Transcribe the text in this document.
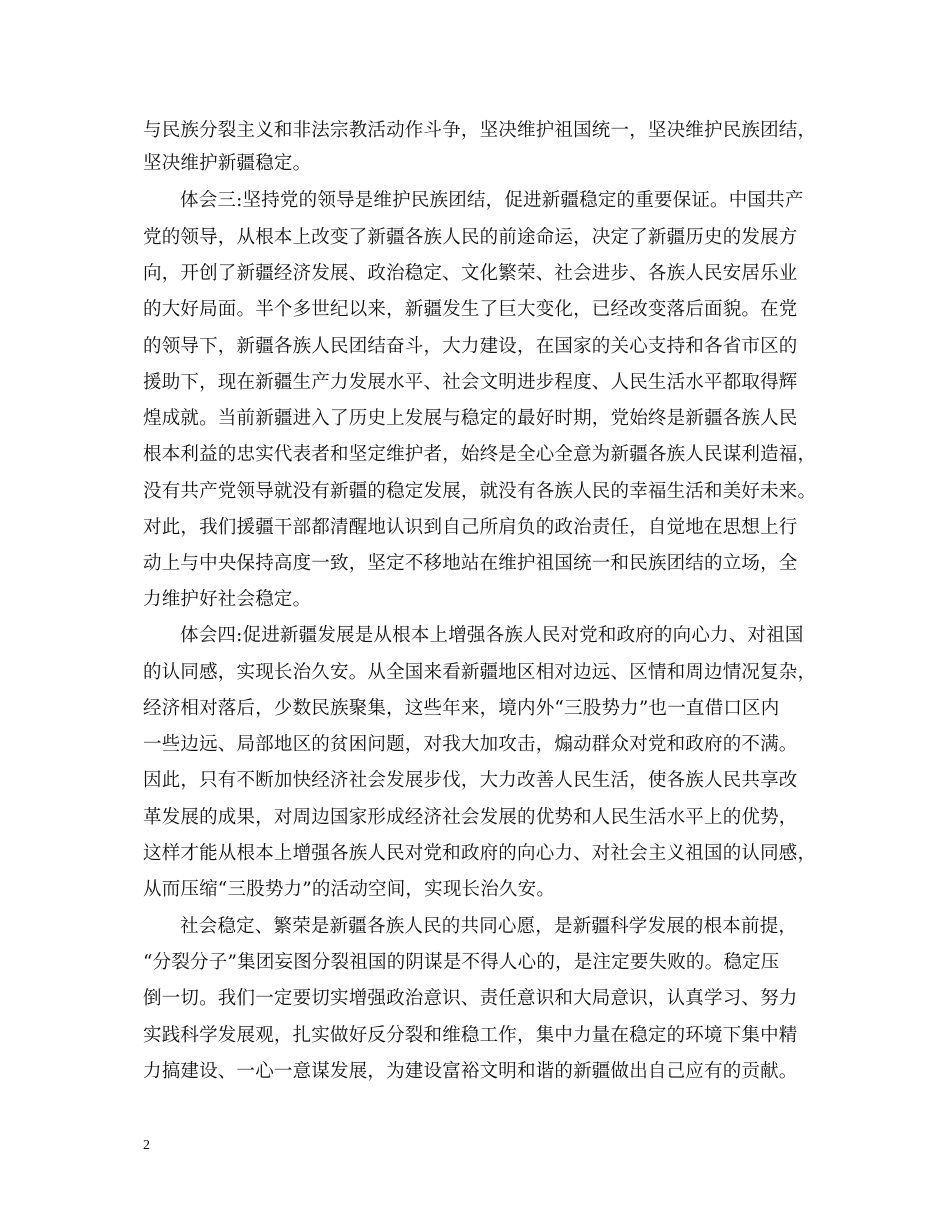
与民族分裂主义和非法宗教活动作斗争，坚决维护祖国统一，坚决维护民族团结，
坚决维护新疆稳定。
体会三:坚持党的领导是维护民族团结，促进新疆稳定的重要保证。中国共产
党的领导，从根本上改变了新疆各族人民的前途命运，决定了新疆历史的发展方
向，开创了新疆经济发展、政治稳定、文化繁荣、社会进步、各族人民安居乐业
的大好局面。半个多世纪以来，新疆发生了巨大变化，已经改变落后面貌。在党
的领导下，新疆各族人民团结奋斗，大力建设，在国家的关心支持和各省市区的
援助下，现在新疆生产力发展水平、社会文明进步程度、人民生活水平都取得辉
煌成就。当前新疆进入了历史上发展与稳定的最好时期，党始终是新疆各族人民
根本利益的忠实代表者和坚定维护者，始终是全心全意为新疆各族人民谋利造福，
没有共产党领导就没有新疆的稳定发展，就没有各族人民的幸福生活和美好未来。
对此，我们援疆干部都清醒地认识到自己所肩负的政治责任，自觉地在思想上行
动上与中央保持高度一致，坚定不移地站在维护祖国统一和民族团结的立场，全
力维护好社会稳定。
体会四:促进新疆发展是从根本上增强各族人民对党和政府的向心力、对祖国
的认同感，实现长治久安。从全国来看新疆地区相对边远、区情和周边情况复杂，
经济相对落后，少数民族聚集，这些年来，境内外“三股势力”也一直借口区内
一些边远、局部地区的贫困问题，对我大加攻击，煽动群众对党和政府的不满。
因此，只有不断加快经济社会发展步伐，大力改善人民生活，使各族人民共享改
革发展的成果，对周边国家形成经济社会发展的优势和人民生活水平上的优势，
这样才能从根本上增强各族人民对党和政府的向心力、对社会主义祖国的认同感，
从而压缩“三股势力”的活动空间，实现长治久安。
社会稳定、繁荣是新疆各族人民的共同心愿，是新疆科学发展的根本前提，
“分裂分子”集团妄图分裂祖国的阴谋是不得人心的，是注定要失败的。稳定压
倒一切。我们一定要切实增强政治意识、责任意识和大局意识，认真学习、努力
实践科学发展观，扎实做好反分裂和维稳工作，集中力量在稳定的环境下集中精
力搞建设、一心一意谋发展，为建设富裕文明和谐的新疆做出自己应有的贡献。
2
